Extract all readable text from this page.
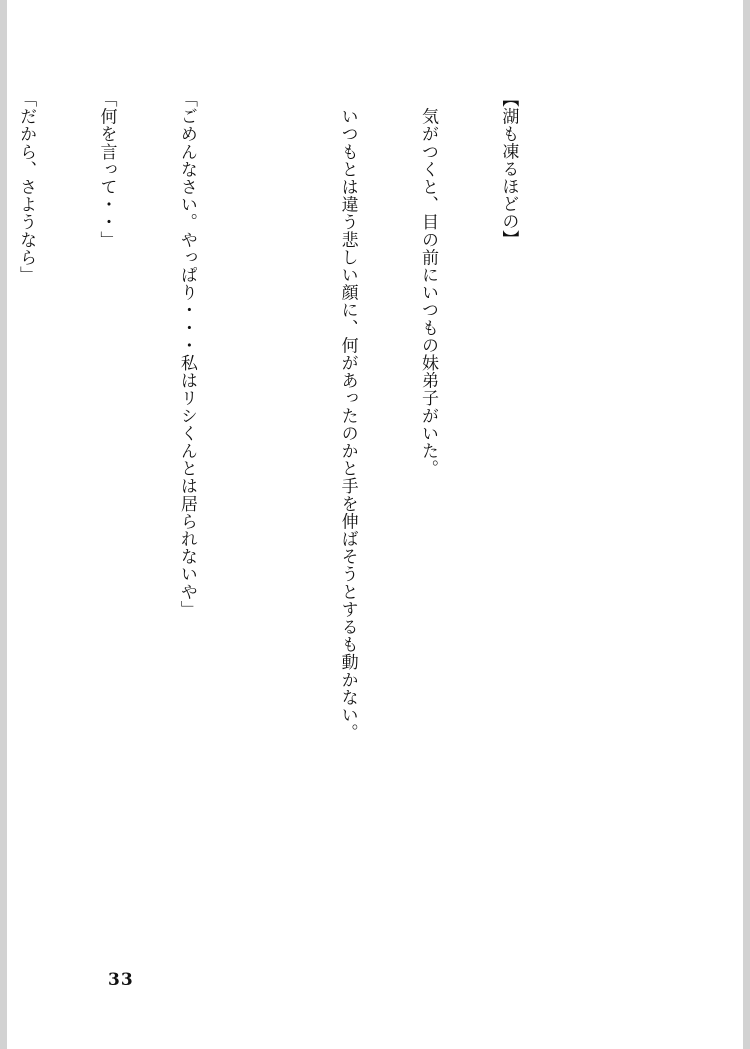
【湖も凍るほどの】

　気がつくと、目の前にいつもの妹弟子がいた。

　いつもとは違う悲しい顔に、何があったのかと手を伸ばそうとするも動かない。

「ごめんなさい。やっぱり・・・私はリシくんとは居られないや」

「何を言って・・」

「だから、さようなら」

33
